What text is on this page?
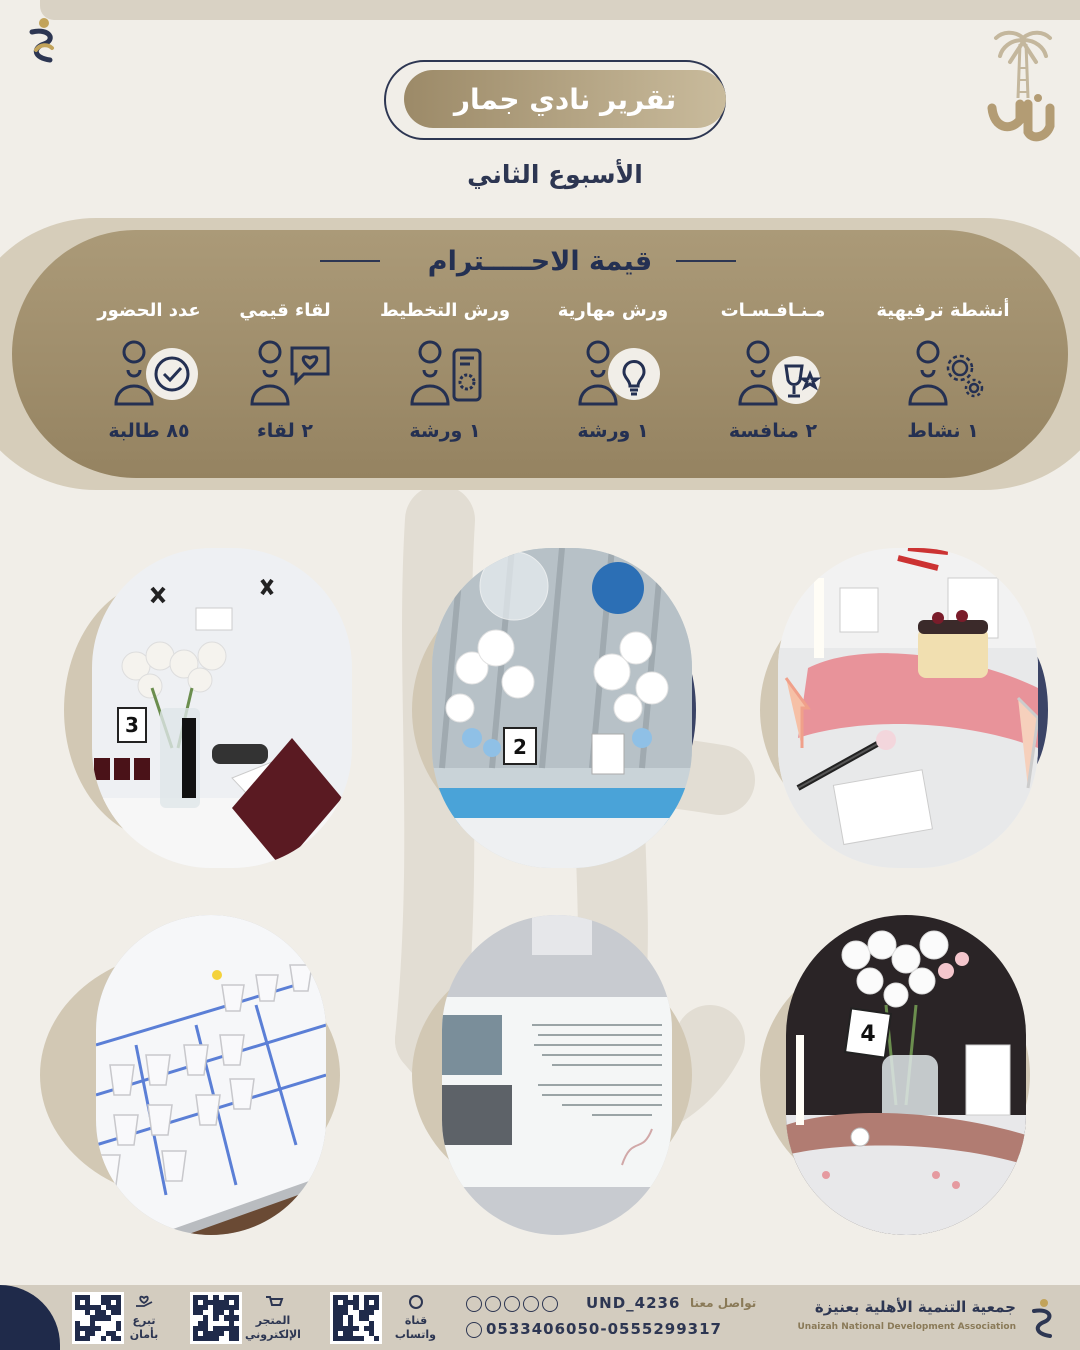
تقرير نادي جمار
الأسبوع الثاني
قيمة الاحـــــترام
أنشطة ترفيهية
١ نشاط
مـنـافـسـات
٢ منافسة
ورش مهارية
١ ورشة
ورش التخطيط
١ ورشة
لقاء قيمي
٢ لقاء
عدد الحضور
٨٥ طالبة
3
2
4
جمعية التنمية الأهلية بعنيزة
Unaizah National Development Association
تواصل معنا
UND_4236
0533406050-0555299317
قناة
واتساب
المتجر
الإلكتروني
تبرع
بأمان
